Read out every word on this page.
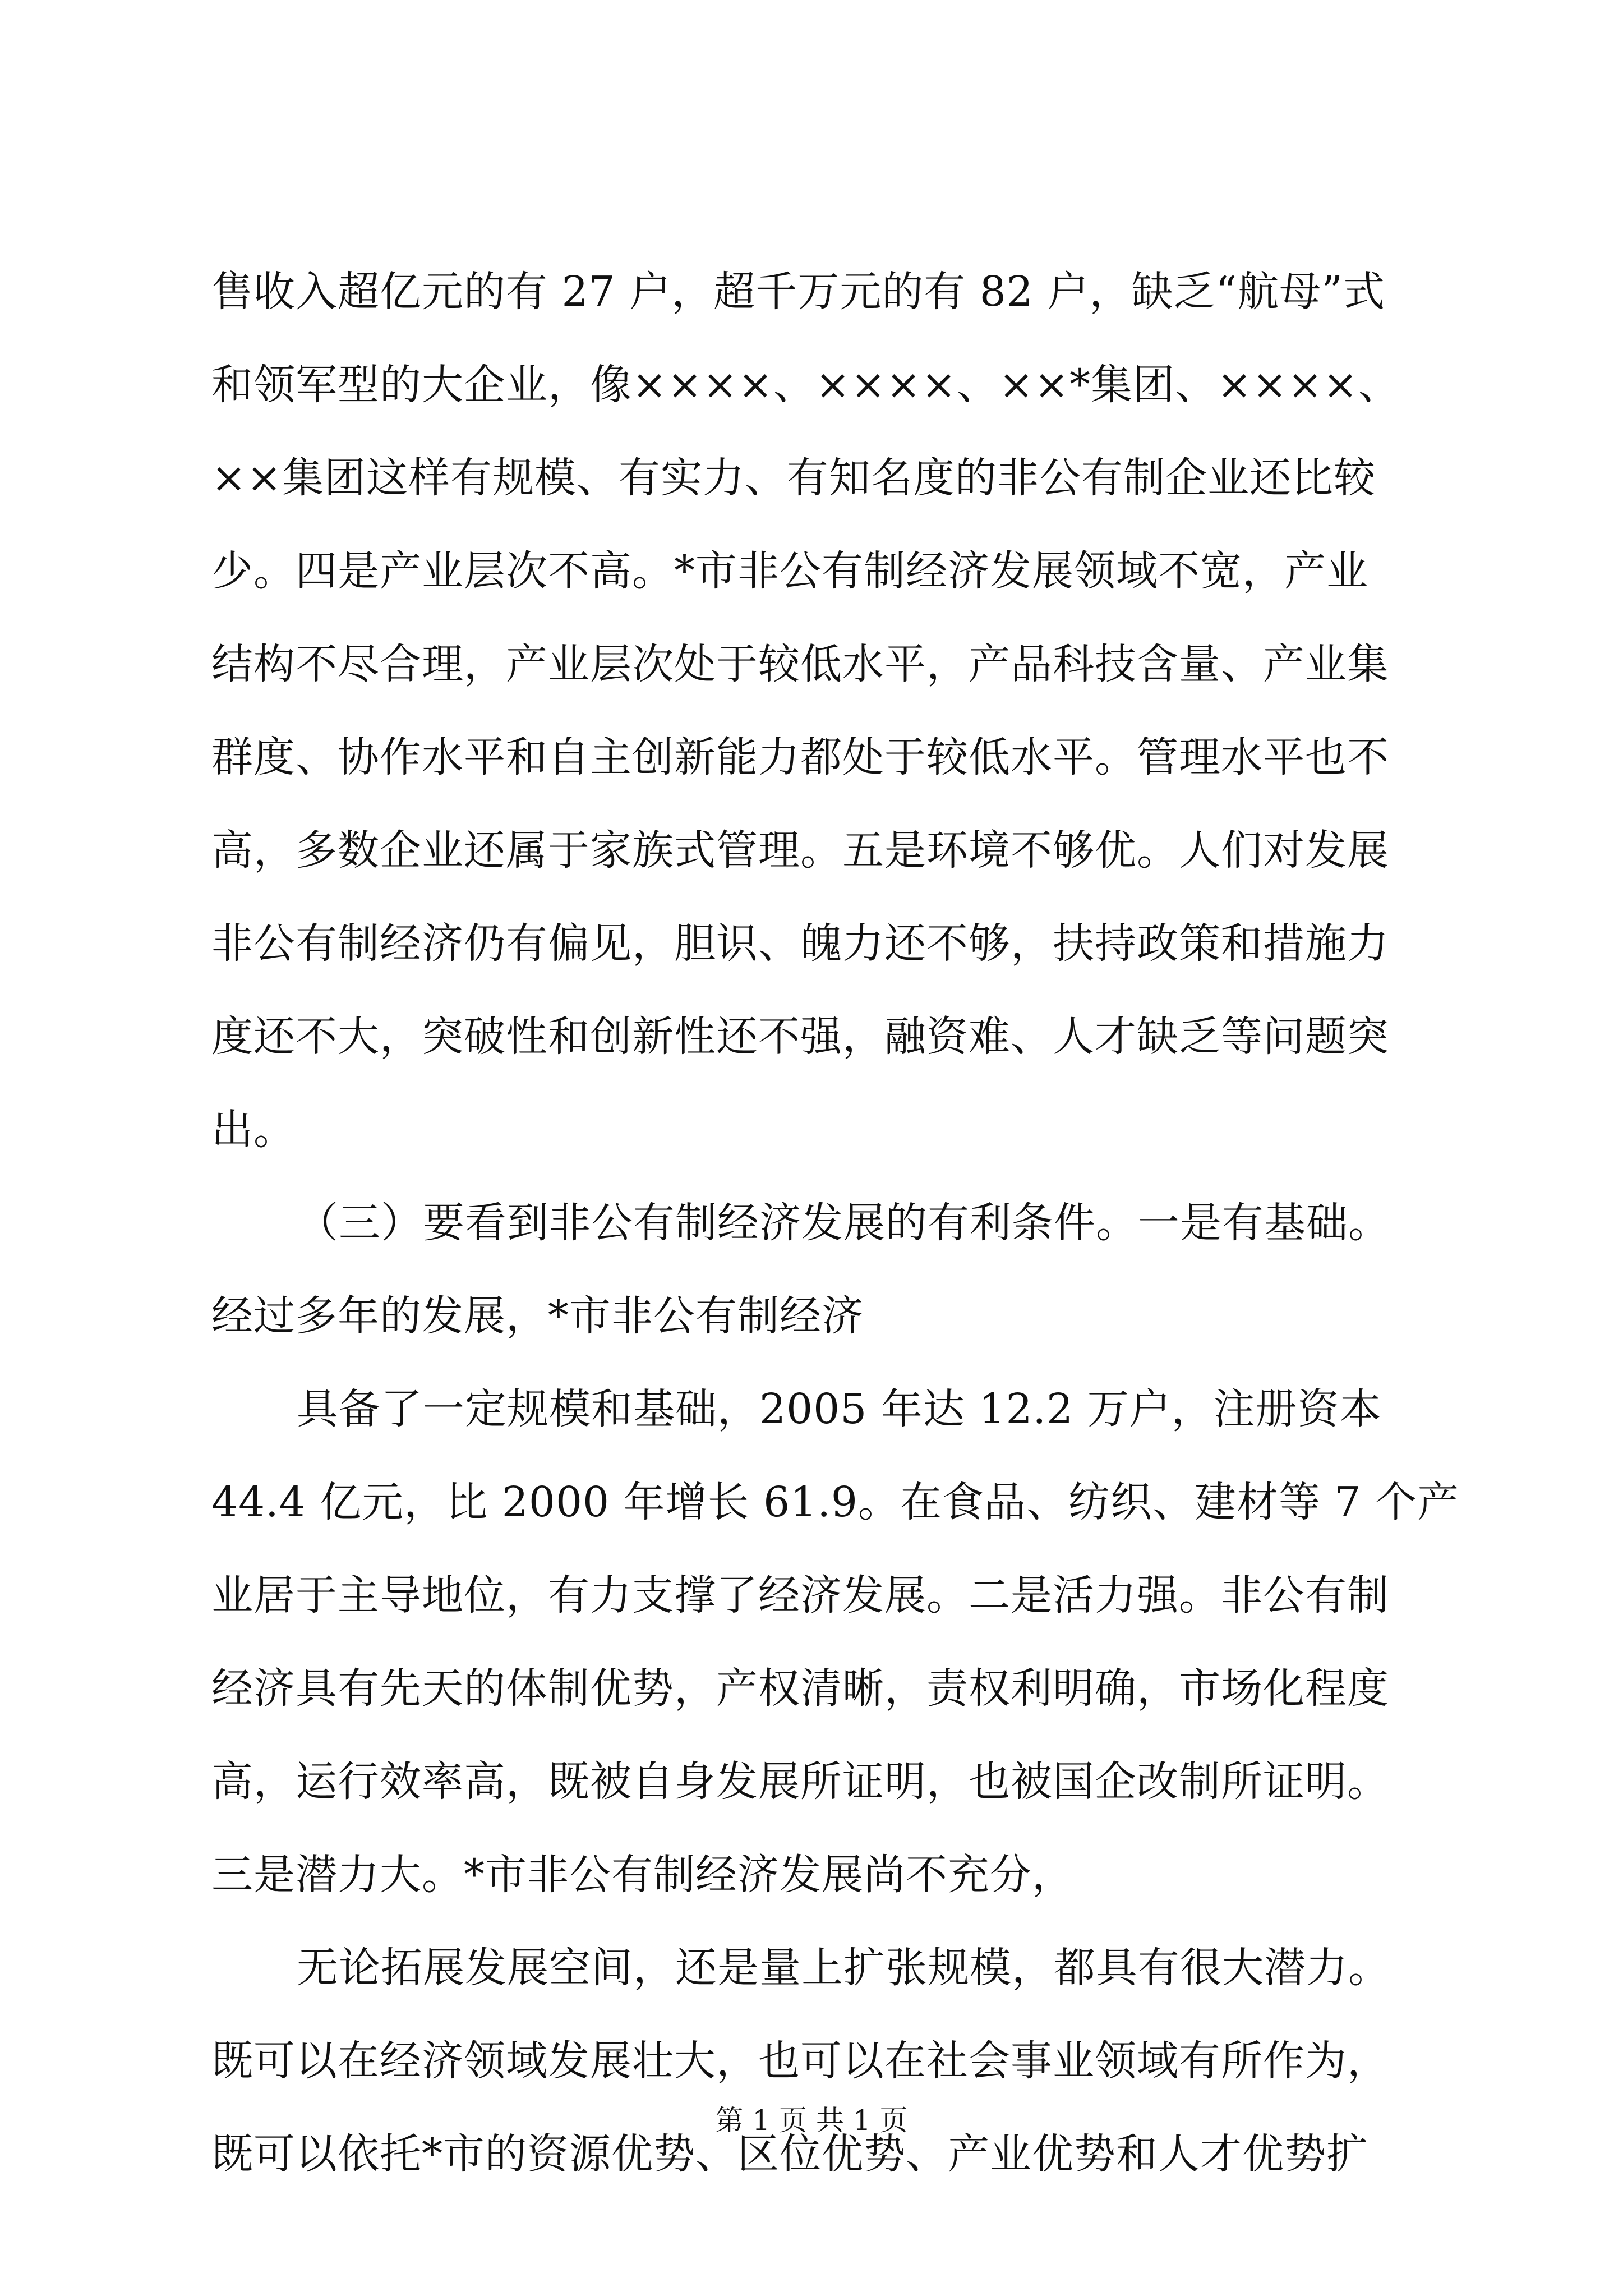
售收入超亿元的有 27 户，超千万元的有 82 户，缺乏“航母”式
和领军型的大企业，像××××、××××、××*集团、××××、
××集团这样有规模、有实力、有知名度的非公有制企业还比较
少。四是产业层次不高。*市非公有制经济发展领域不宽，产业
结构不尽合理，产业层次处于较低水平，产品科技含量、产业集
群度、协作水平和自主创新能力都处于较低水平。管理水平也不
高，多数企业还属于家族式管理。五是环境不够优。人们对发展
非公有制经济仍有偏见，胆识、魄力还不够，扶持政策和措施力
度还不大，突破性和创新性还不强，融资难、人才缺乏等问题突
出。
（三）要看到非公有制经济发展的有利条件。一是有基础。
经过多年的发展，*市非公有制经济
具备了一定规模和基础，2005 年达 12.2 万户，注册资本
44.4 亿元，比 2000 年增长 61.9。在食品、纺织、建材等 7 个产
业居于主导地位，有力支撑了经济发展。二是活力强。非公有制
经济具有先天的体制优势，产权清晰，责权利明确，市场化程度
高，运行效率高，既被自身发展所证明，也被国企改制所证明。
三是潜力大。*市非公有制经济发展尚不充分，
无论拓展发展空间，还是量上扩张规模，都具有很大潜力。
既可以在经济领域发展壮大，也可以在社会事业领域有所作为，
既可以依托*市的资源优势、区位优势、产业优势和人才优势扩
第 1 页 共 1 页
